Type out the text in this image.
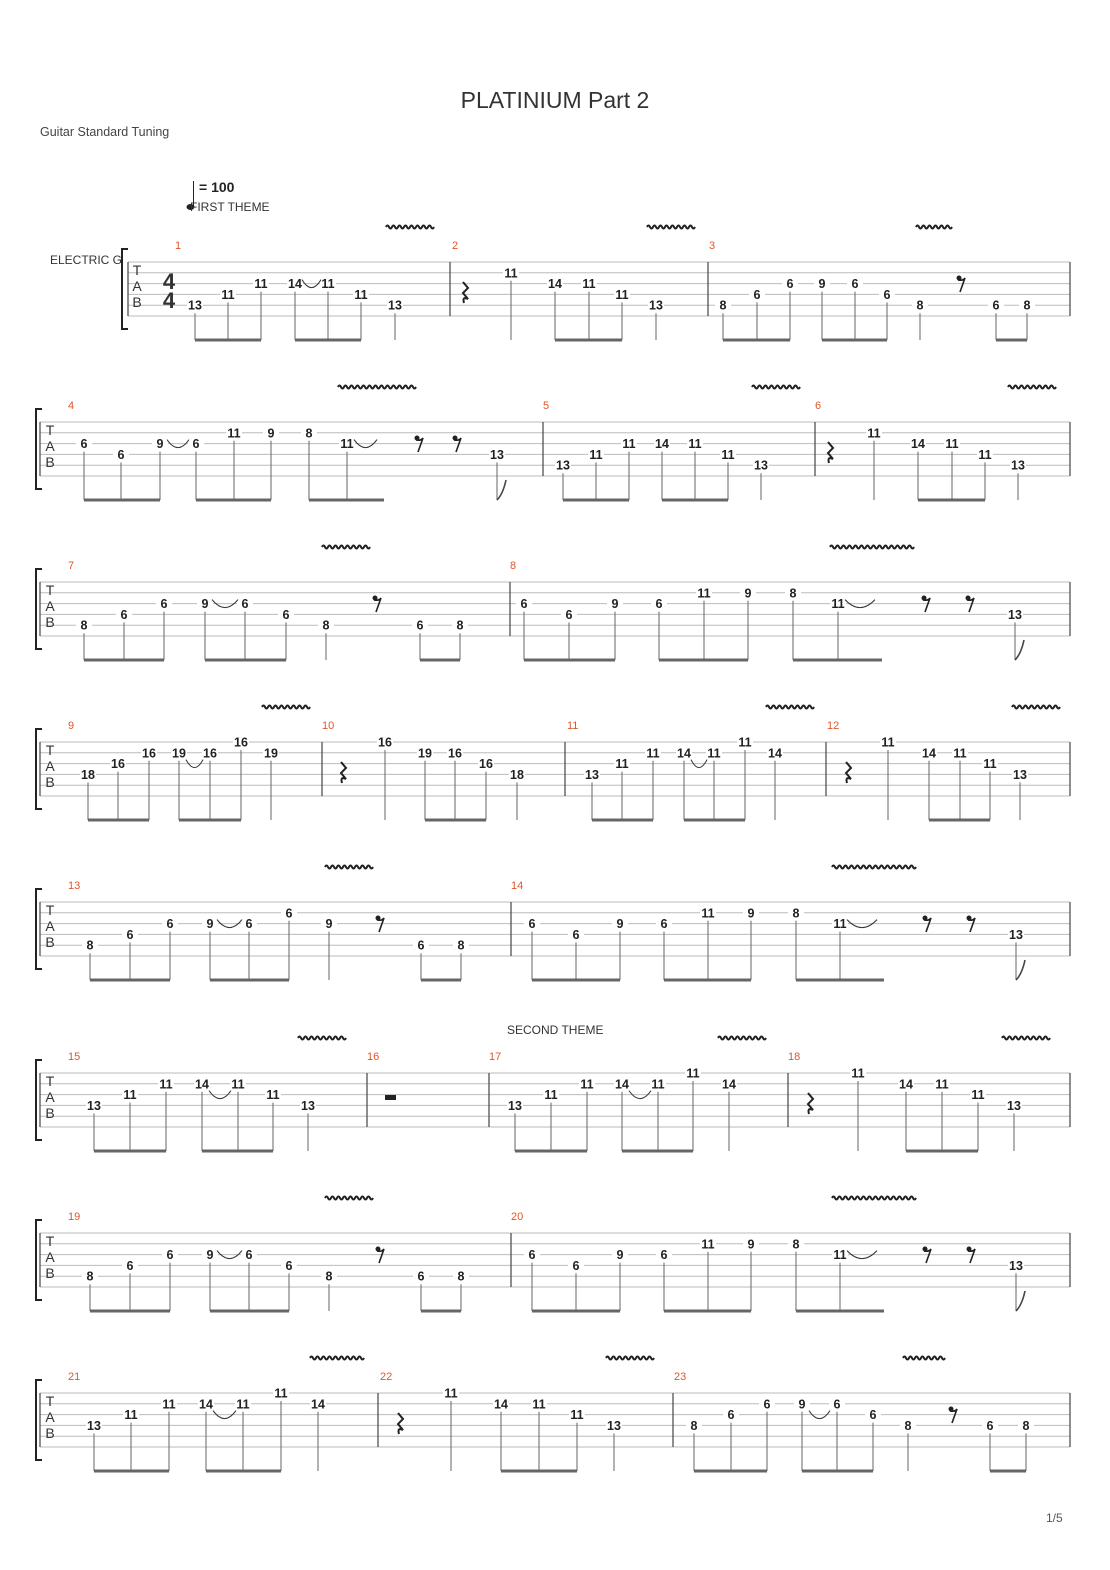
PLATINIUM Part 2
Guitar Standard Tuning
= 100
1/5
T
A
B
4
4
1	2	3
13
11
11 14 11
11
13
11
14 11
11
13	8
6
6 9 6
6
8	6 8
T
A
B
4	5	6
6
6
9 6
11 9 8
11
13
13
11
11 14 11
11
13
11
14 11
11
13
T
A
B
7	8
8
6
6	9	6
6
8	6	8
6
6
9	6
11	9	8
11
13
T
A
B
9	10	11	12
18
16
16 19 16
16
19
16
19 16
16
18	13
11
11 14 11
11
14
11
14 11
11
13
T
A
B
13	14
8
6
6	9	6
6
9
6	8
6
6
9	6
11	9	8
11
13
T
A
B
15	16	17	18
13
11
11 14 11
11
13	13
11
11 14 11
11
14
11
14 11
11
13
T
A
B
19	20
8
6
6	9	6
6
8	6	8
6
6
9	6
11	9	8
11
13
T
A
B
21	22	23
13
11
11 14 11
11
14
11
14 11
11
13	8
6
6 9 6
6
8	6 8
ELECTRIC G
FIRST THEME
SECOND THEME
